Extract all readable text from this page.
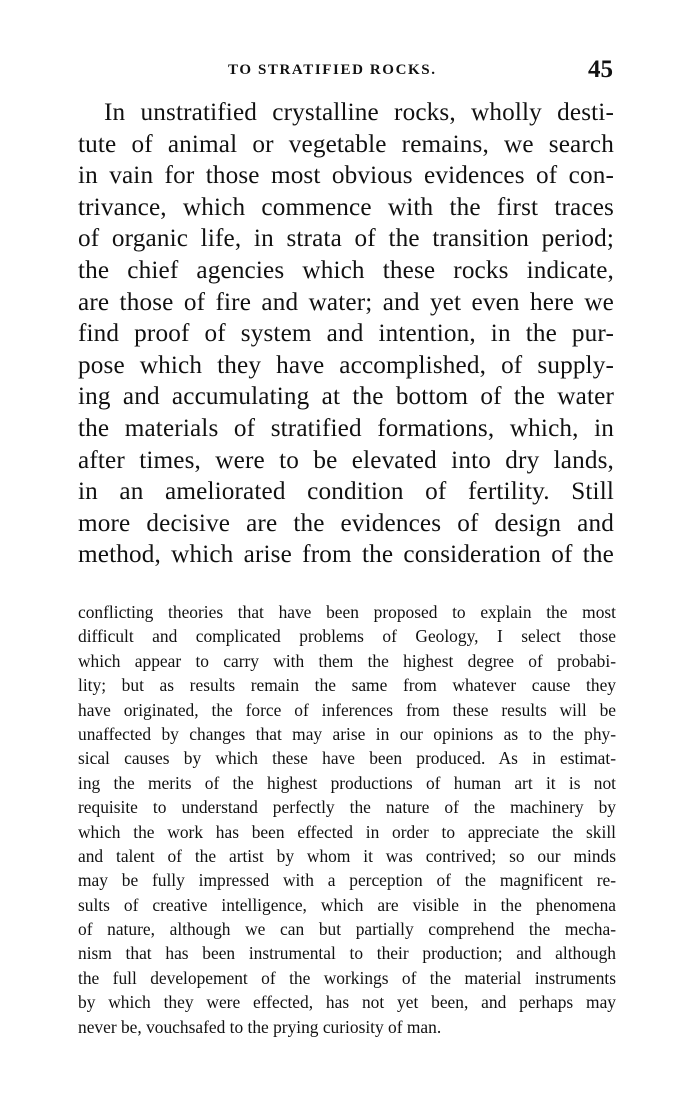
TO STRATIFIED ROCKS.	45
In unstratified crystalline rocks, wholly desti-
tute of animal or vegetable remains, we search
in vain for those most obvious evidences of con-
trivance, which commence with the first traces
of organic life, in strata of the transition period;
the chief agencies which these rocks indicate,
are those of fire and water; and yet even here we
find proof of system and intention, in the pur-
pose which they have accomplished, of supply-
ing and accumulating at the bottom of the water
the materials of stratified formations, which, in
after times, were to be elevated into dry lands,
in an ameliorated condition of fertility. Still
more decisive are the evidences of design and
method, which arise from the consideration of the
conflicting theories that have been proposed to explain the most
difficult and complicated problems of Geology, I select those
which appear to carry with them the highest degree of probabi-
lity; but as results remain the same from whatever cause they
have originated, the force of inferences from these results will be
unaffected by changes that may arise in our opinions as to the phy-
sical causes by which these have been produced. As in estimat-
ing the merits of the highest productions of human art it is not
requisite to understand perfectly the nature of the machinery by
which the work has been effected in order to appreciate the skill
and talent of the artist by whom it was contrived; so our minds
may be fully impressed with a perception of the magnificent re-
sults of creative intelligence, which are visible in the phenomena
of nature, although we can but partially comprehend the mecha-
nism that has been instrumental to their production; and although
the full developement of the workings of the material instruments
by which they were effected, has not yet been, and perhaps may
never be, vouchsafed to the prying curiosity of man.
